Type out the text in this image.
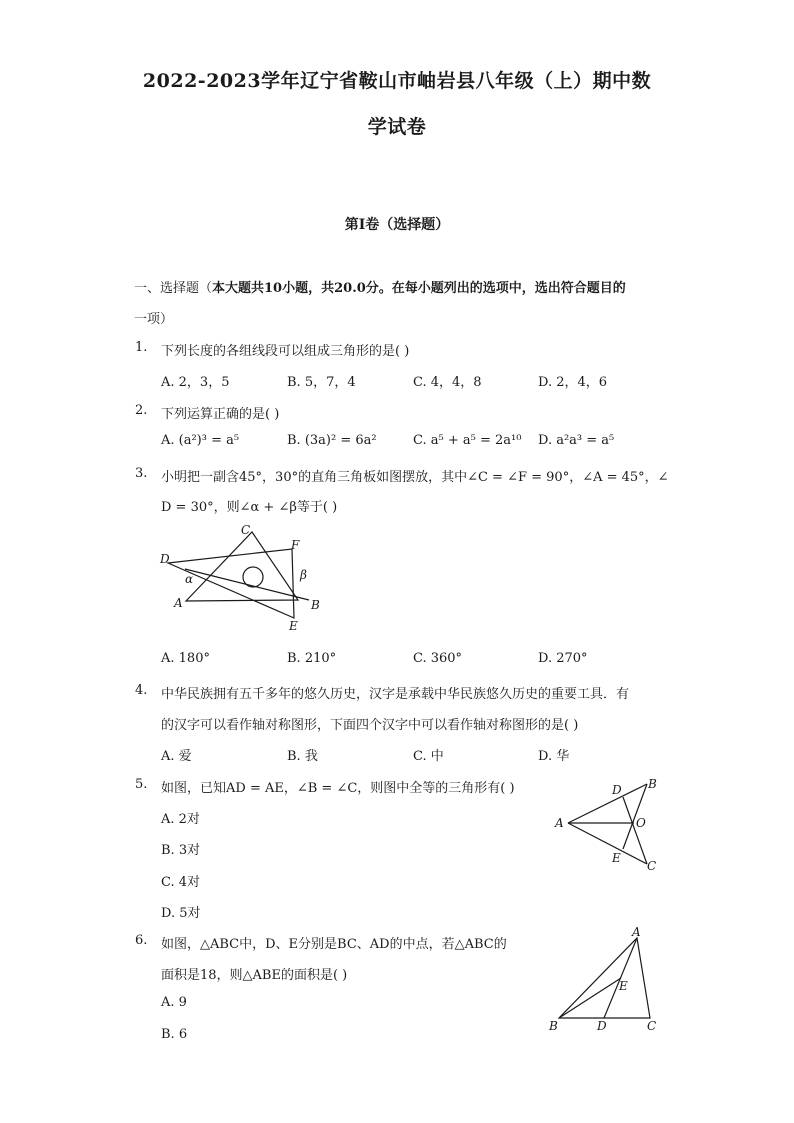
2022-2023学年辽宁省鞍山市岫岩县八年级（上）期中数
学试卷
第I卷（选择题）
一、选择题（本大题共10小题，共20.0分。在每小题列出的选项中，选出符合题目的
一项）
1. 下列长度的各组线段可以组成三角形的是( )
A. 2，3，5	B. 5，7，4	C. 4，4，8	D. 2，4，6
2. 下列运算正确的是( )
A. (a²)³ = a⁵	B. (3a)² = 6a²	C. a⁵ + a⁵ = 2a¹⁰ D. a²a³ = a⁵
3. 小明把一副含45°，30°的直角三角板如图摆放，其中∠C = ∠F = 90°，∠A = 45°，∠
D = 30°，则∠α + ∠β等于( )
C
F
D
α	β
A	B
E
A. 180°	B. 210°	C. 360°	D. 270°
4. 中华民族拥有五千多年的悠久历史，汉字是承载中华民族悠久历史的重要工具．有
的汉字可以看作轴对称图形，下面四个汉字中可以看作轴对称图形的是( )
A. 爱	B. 我	C. 中	D. 华
5. 如图，已知AD = AE，∠B = ∠C，则图中全等的三角形有( )
A. 2对
B. 3对
C. 4对
D. 5对
D B
A	O
E
C
6. 如图，△ABC中，D、E分别是BC、AD的中点，若△ABC的
面积是18，则△ABE的面积是( )
A. 9
B. 6
A
E
B	D	C
